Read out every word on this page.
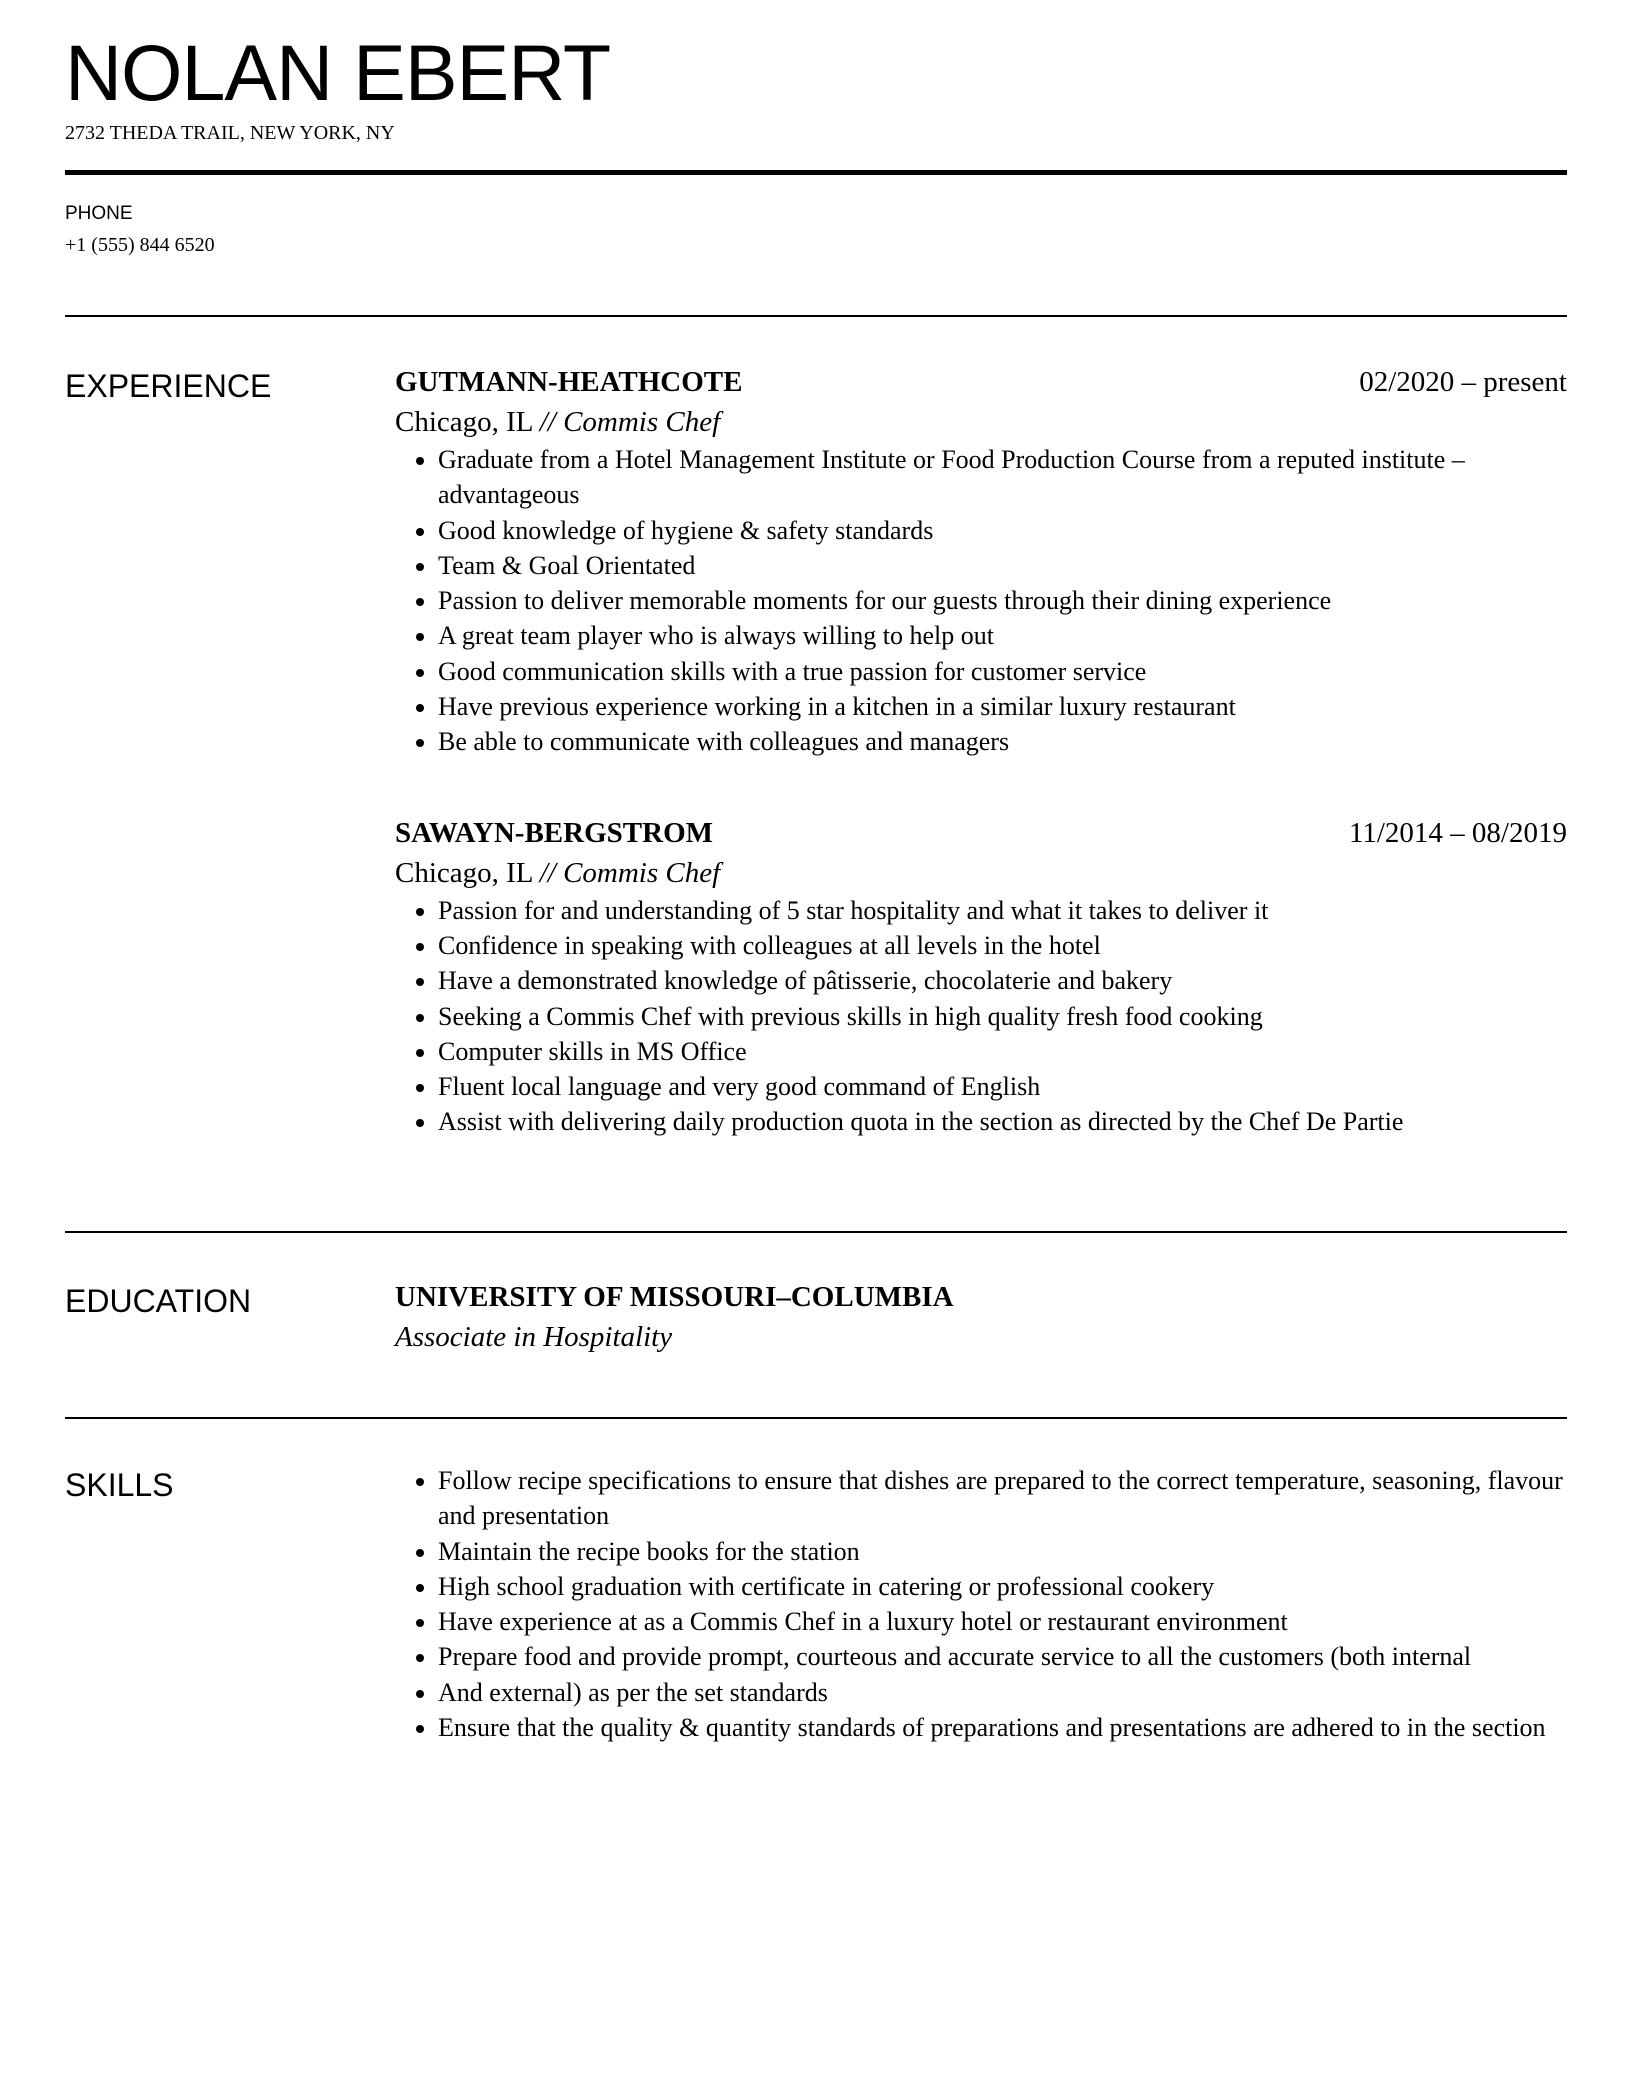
NOLAN EBERT
2732 THEDA TRAIL, NEW YORK, NY
PHONE
+1 (555) 844 6520
EXPERIENCE	GUTMANN-HEATHCOTE	02/2020 – present
Chicago, IL // Commis Chef
• Graduate from a Hotel Management Institute or Food Production Course from a reputed institute – advantageous
• Good knowledge of hygiene & safety standards
• Team & Goal Orientated
• Passion to deliver memorable moments for our guests through their dining experience
• A great team player who is always willing to help out
• Good communication skills with a true passion for customer service
• Have previous experience working in a kitchen in a similar luxury restaurant
• Be able to communicate with colleagues and managers
SAWAYN-BERGSTROM	11/2014 – 08/2019
Chicago, IL // Commis Chef
• Passion for and understanding of 5 star hospitality and what it takes to deliver it
• Confidence in speaking with colleagues at all levels in the hotel
• Have a demonstrated knowledge of pâtisserie, chocolaterie and bakery
• Seeking a Commis Chef with previous skills in high quality fresh food cooking
• Computer skills in MS Office
• Fluent local language and very good command of English
• Assist with delivering daily production quota in the section as directed by the Chef De Partie
EDUCATION	UNIVERSITY OF MISSOURI–COLUMBIA
Associate in Hospitality
SKILLS
•	Follow recipe specifications to ensure that dishes are prepared to the correct temperature, seasoning, flavour and presentation
• Maintain the recipe books for the station
• High school graduation with certificate in catering or professional cookery
• Have experience at as a Commis Chef in a luxury hotel or restaurant environment
• Prepare food and provide prompt, courteous and accurate service to all the customers (both internal
• And external) as per the set standards
• Ensure that the quality & quantity standards of preparations and presentations are adhered to in the section
